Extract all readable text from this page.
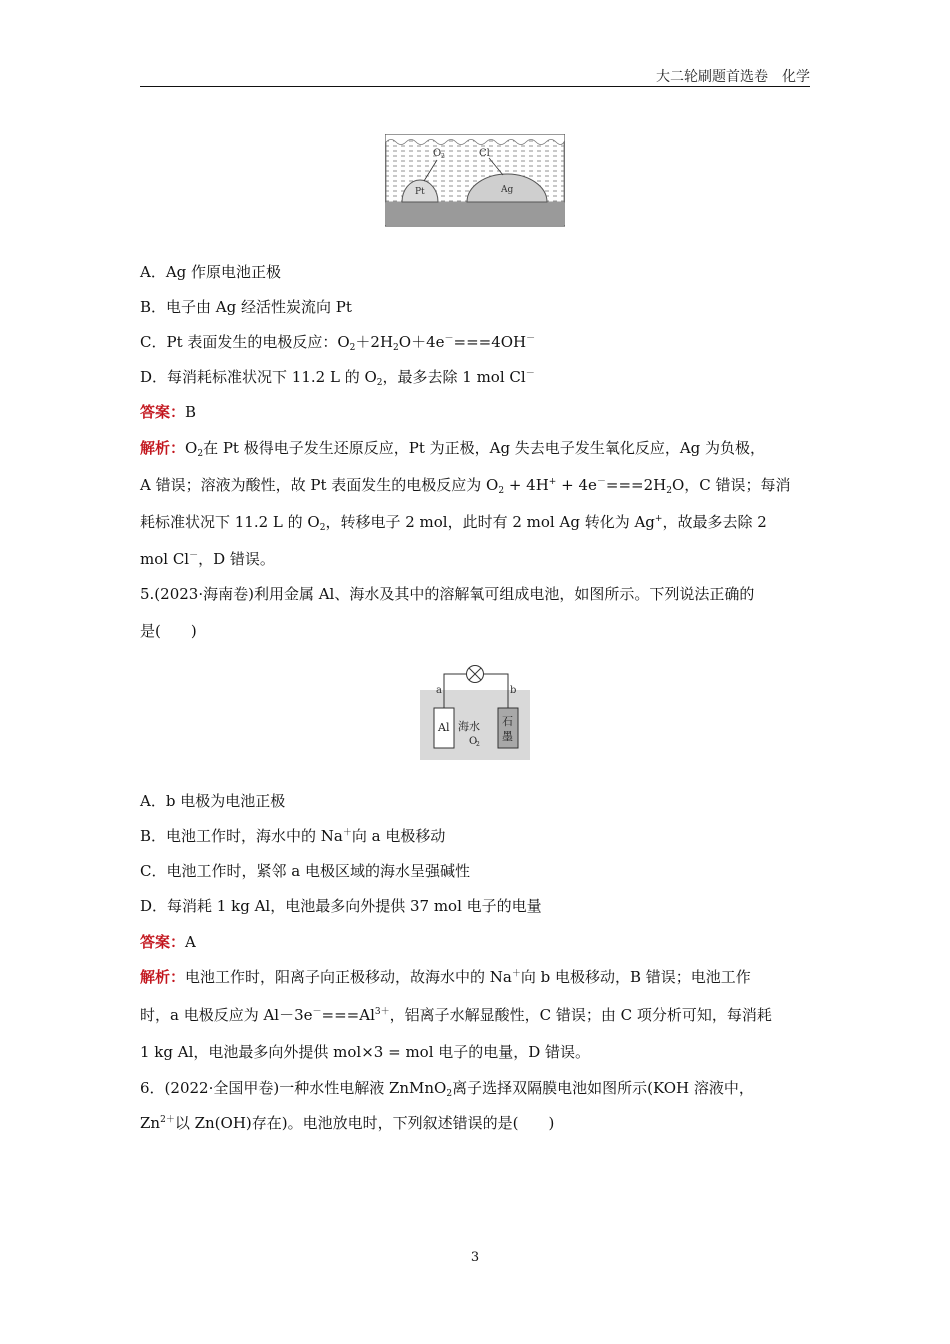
大二轮刷题首选卷　化学
O 2	Cl
Pt	Ag
A．Ag 作原电池正极
B．电子由 Ag 经活性炭流向 Pt
C．Pt 表面发生的电极反应：$O_2+2H_2O+4e^-===4OH^-$
D．每消耗标准状况下 11.2 L 的 $O_2$，最多去除 1 mol Cl－
答案：B
解析：$O_2$在 Pt 极得电子发生还原反应，Pt 为正极，Ag 失去电子发生氧化反应，Ag 为负极，
A 错误；溶液为酸性，故 Pt 表面发生的电极反应为 $O_2 + 4H^+ + 4e^-===2H_2O$，C 错误；每消
耗标准状况下 11.2 L 的 $O_2$，转移电子 2 mol，此时有 2 mol Ag 转化为 Ag+，故最多去除 2
mol Cl－，D 错误。
5.(2023·海南卷)利用金属 Al、海水及其中的溶解氧可组成电池，如图所示。下列说法正确的
是(　　)
a	b
Al 海水
O
2
石
墨
A．b 电极为电池正极
B．电池工作时，海水中的 Na＋向 a 电极移动
C．电池工作时，紧邻 a 电极区域的海水呈强碱性
D．每消耗 1 kg Al，电池最多向外提供 37 mol 电子的电量
答案：A
解析：电池工作时，阳离子向正极移动，故海水中的 Na＋向 b 电极移动，B 错误；电池工作
时，a 电极反应为 $Al-3e^-===Al^{3+}$，铝离子水解显酸性，C 错误；由 C 项分析可知，每消耗
1 kg Al，电池最多向外提供 mol×3 = mol 电子的电量，D 错误。
6．(2022·全国甲卷)一种水性电解液 ZnMnO$_2$离子选择双隔膜电池如图所示(KOH 溶液中，
$Zn^{2+}$以 Zn(OH)存在)。电池放电时，下列叙述错误的是(　　)
3
